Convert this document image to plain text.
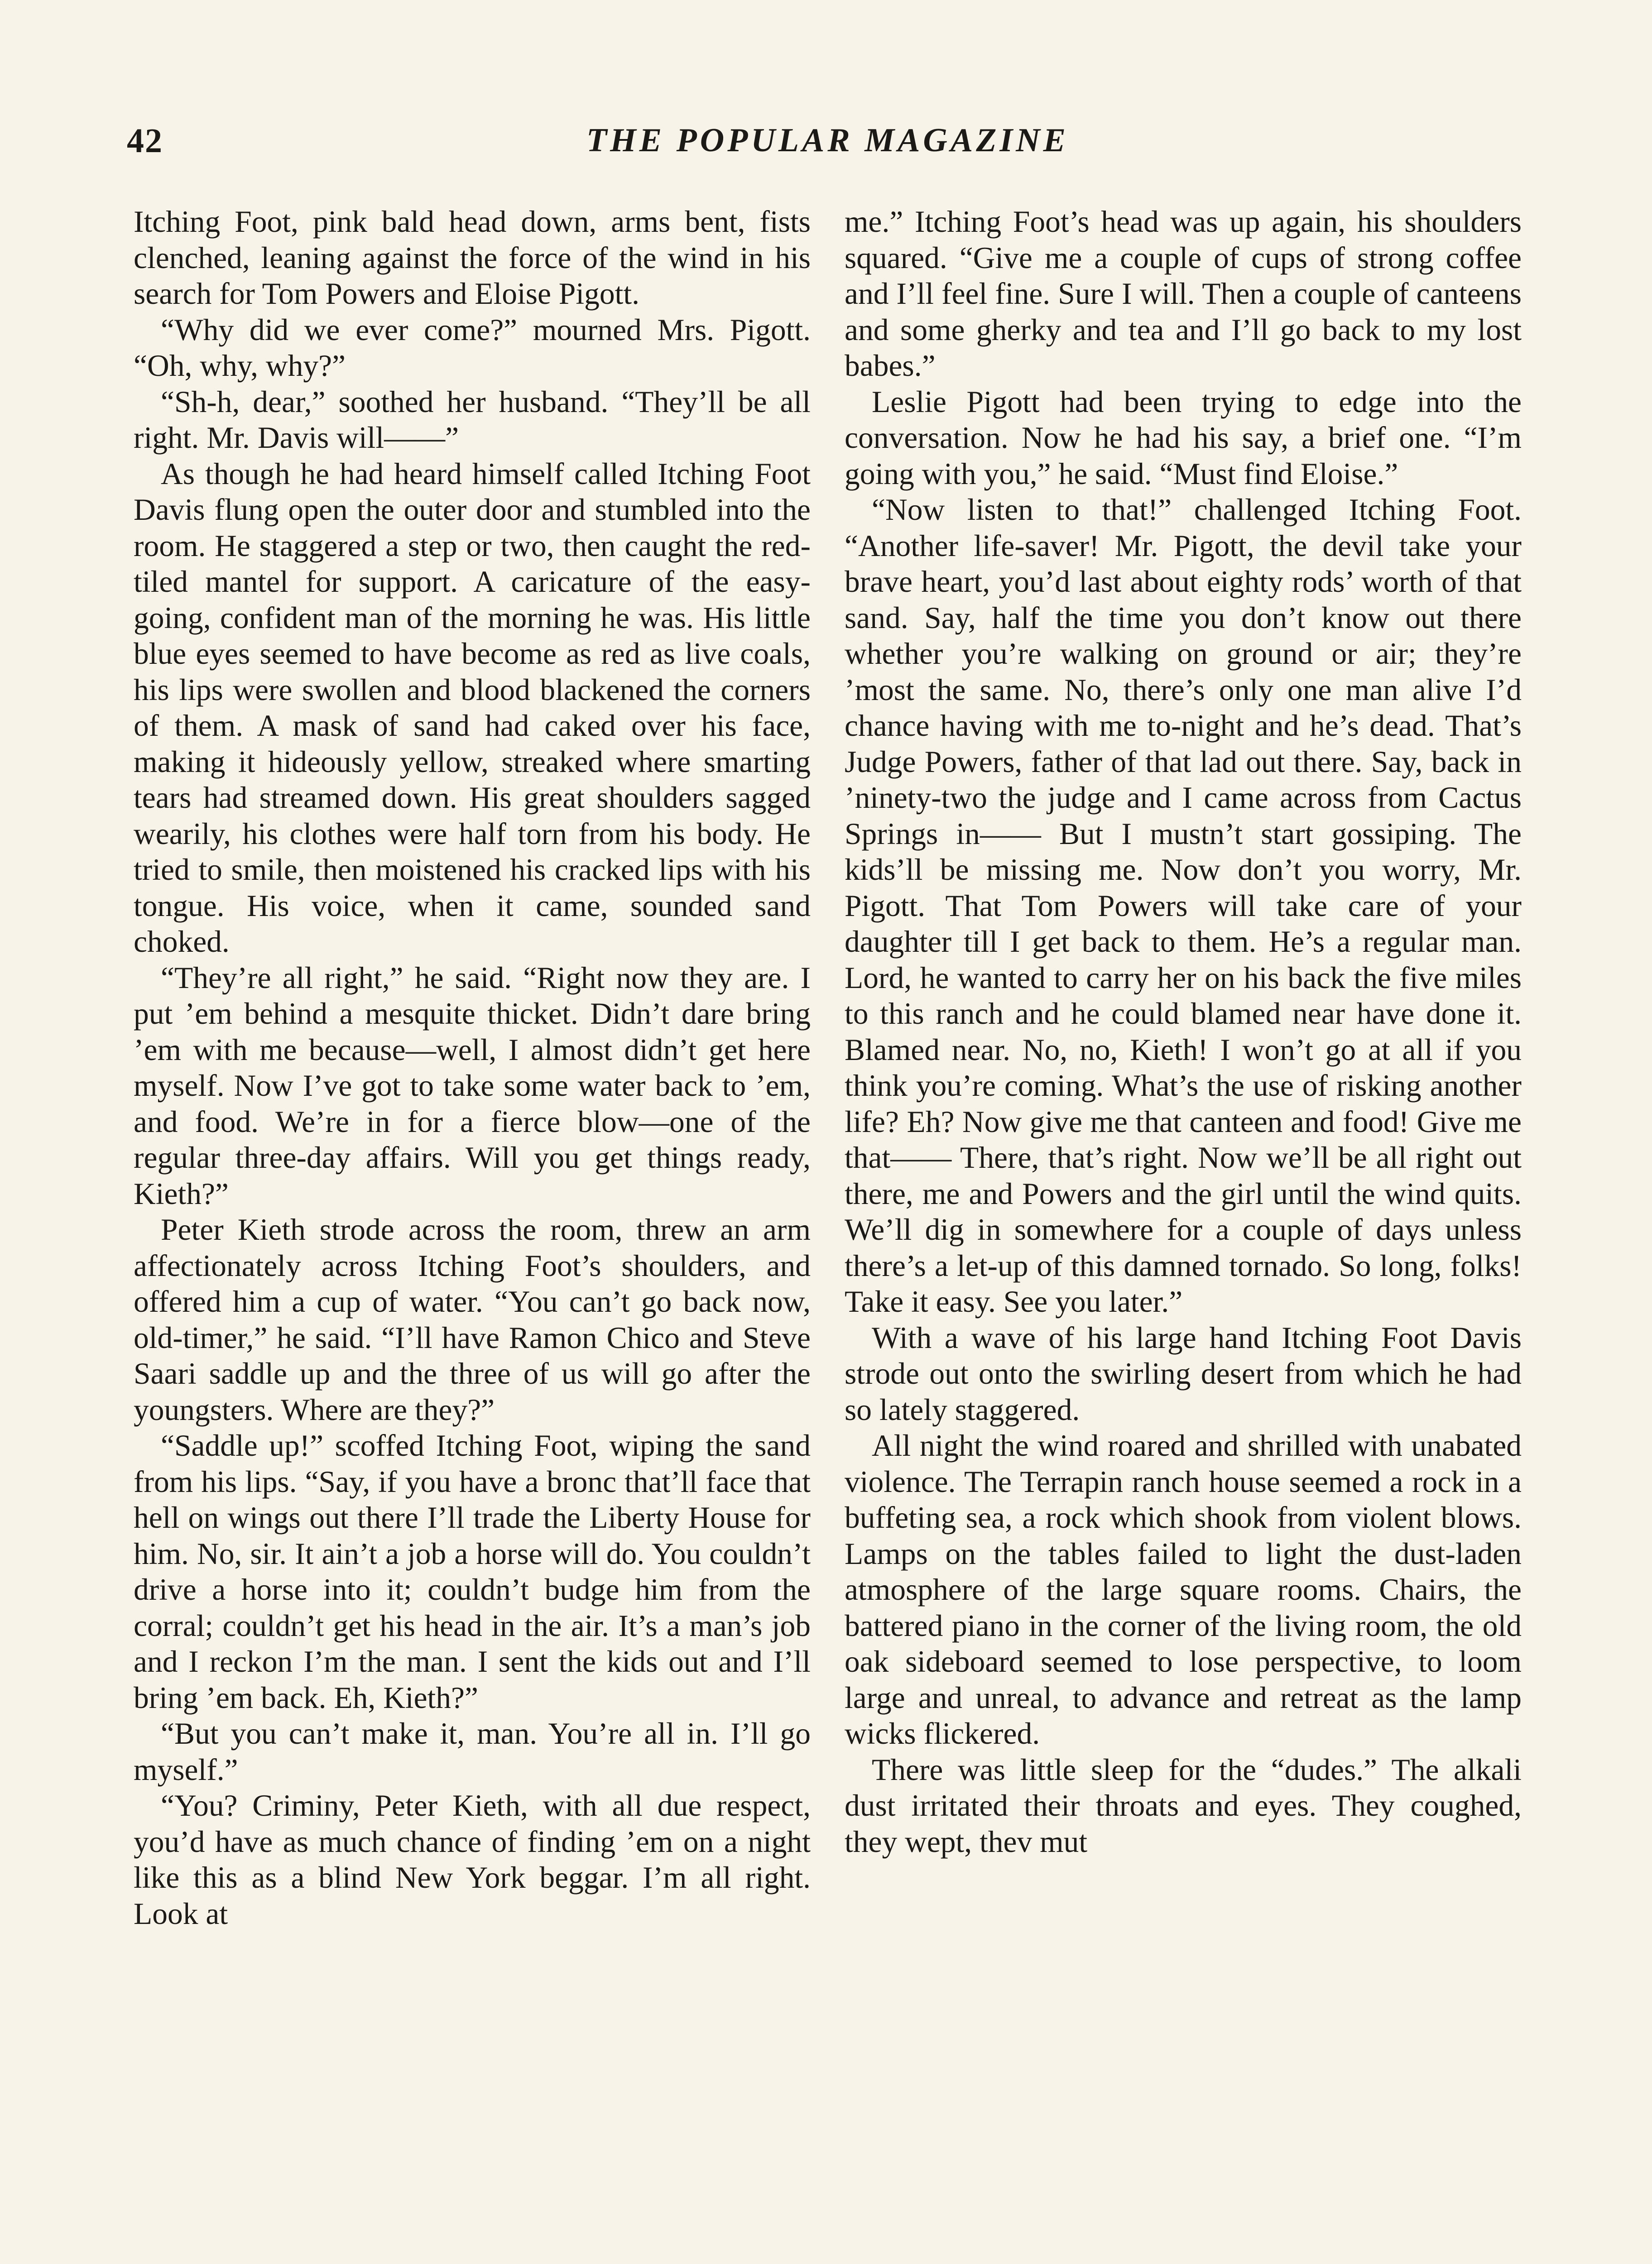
42	THE POPULAR MAGAZINE

Itching Foot, pink bald head down, arms bent, fists clenched, leaning against the force of the wind in his search for Tom Powers and Eloise Pigott.

“Why did we ever come?” mourned Mrs. Pigott. “Oh, why, why?”

“Sh-h, dear,” soothed her husband. “They’ll be all right. Mr. Davis will——”

As though he had heard himself called Itching Foot Davis flung open the outer door and stumbled into the room. He staggered a step or two, then caught the red-tiled mantel for support. A caricature of the easy-going, confident man of the morning he was. His little blue eyes seemed to have become as red as live coals, his lips were swollen and blood blackened the corners of them. A mask of sand had caked over his face, making it hideously yellow, streaked where smarting tears had streamed down. His great shoulders sagged wearily, his clothes were half torn from his body. He tried to smile, then moistened his cracked lips with his tongue. His voice, when it came, sounded sand choked.

“They’re all right,” he said. “Right now they are. I put ’em behind a mesquite thicket. Didn’t dare bring ’em with me because—well, I almost didn’t get here myself. Now I’ve got to take some water back to ’em, and food. We’re in for a fierce blow—one of the regular three-day affairs. Will you get things ready, Kieth?”

Peter Kieth strode across the room, threw an arm affectionately across Itching Foot’s shoulders, and offered him a cup of water. “You can’t go back now, old-timer,” he said. “I’ll have Ramon Chico and Steve Saari saddle up and the three of us will go after the youngsters. Where are they?”

“Saddle up!” scoffed Itching Foot, wiping the sand from his lips. “Say, if you have a bronc that’ll face that hell on wings out there I’ll trade the Liberty House for him. No, sir. It ain’t a job a horse will do. You couldn’t drive a horse into it; couldn’t budge him from the corral; couldn’t get his head in the air. It’s a man’s job and I reckon I’m the man. I sent the kids out and I’ll bring ’em back. Eh, Kieth?”

“But you can’t make it, man. You’re all in. I’ll go myself.”

“You? Criminy, Peter Kieth, with all due respect, you’d have as much chance of finding ’em on a night like this as a blind New York beggar. I’m all right. Look at

me.” Itching Foot’s head was up again, his shoulders squared. “Give me a couple of cups of strong coffee and I’ll feel fine. Sure I will. Then a couple of canteens and some gherky and tea and I’ll go back to my lost babes.”

Leslie Pigott had been trying to edge into the conversation. Now he had his say, a brief one. “I’m going with you,” he said. “Must find Eloise.”

“Now listen to that!” challenged Itching Foot. “Another life-saver! Mr. Pigott, the devil take your brave heart, you’d last about eighty rods’ worth of that sand. Say, half the time you don’t know out there whether you’re walking on ground or air; they’re ’most the same. No, there’s only one man alive I’d chance having with me to-night and he’s dead. That’s Judge Powers, father of that lad out there. Say, back in ’ninety-two the judge and I came across from Cactus Springs in—— But I mustn’t start gossiping. The kids’ll be missing me. Now don’t you worry, Mr. Pigott. That Tom Powers will take care of your daughter till I get back to them. He’s a regular man. Lord, he wanted to carry her on his back the five miles to this ranch and he could blamed near have done it. Blamed near. No, no, Kieth! I won’t go at all if you think you’re coming. What’s the use of risking another life? Eh? Now give me that canteen and food! Give me that—— There, that’s right. Now we’ll be all right out there, me and Powers and the girl until the wind quits. We’ll dig in somewhere for a couple of days unless there’s a let-up of this damned tornado. So long, folks! Take it easy. See you later.”

With a wave of his large hand Itching Foot Davis strode out onto the swirling desert from which he had so lately staggered.

All night the wind roared and shrilled with unabated violence. The Terrapin ranch house seemed a rock in a buffeting sea, a rock which shook from violent blows. Lamps on the tables failed to light the dust-laden atmosphere of the large square rooms. Chairs, the battered piano in the corner of the living room, the old oak sideboard seemed to lose perspective, to loom large and unreal, to advance and retreat as the lamp wicks flickered.

There was little sleep for the “dudes.” The alkali dust irritated their throats and eyes. They coughed, they wept, thev mut
